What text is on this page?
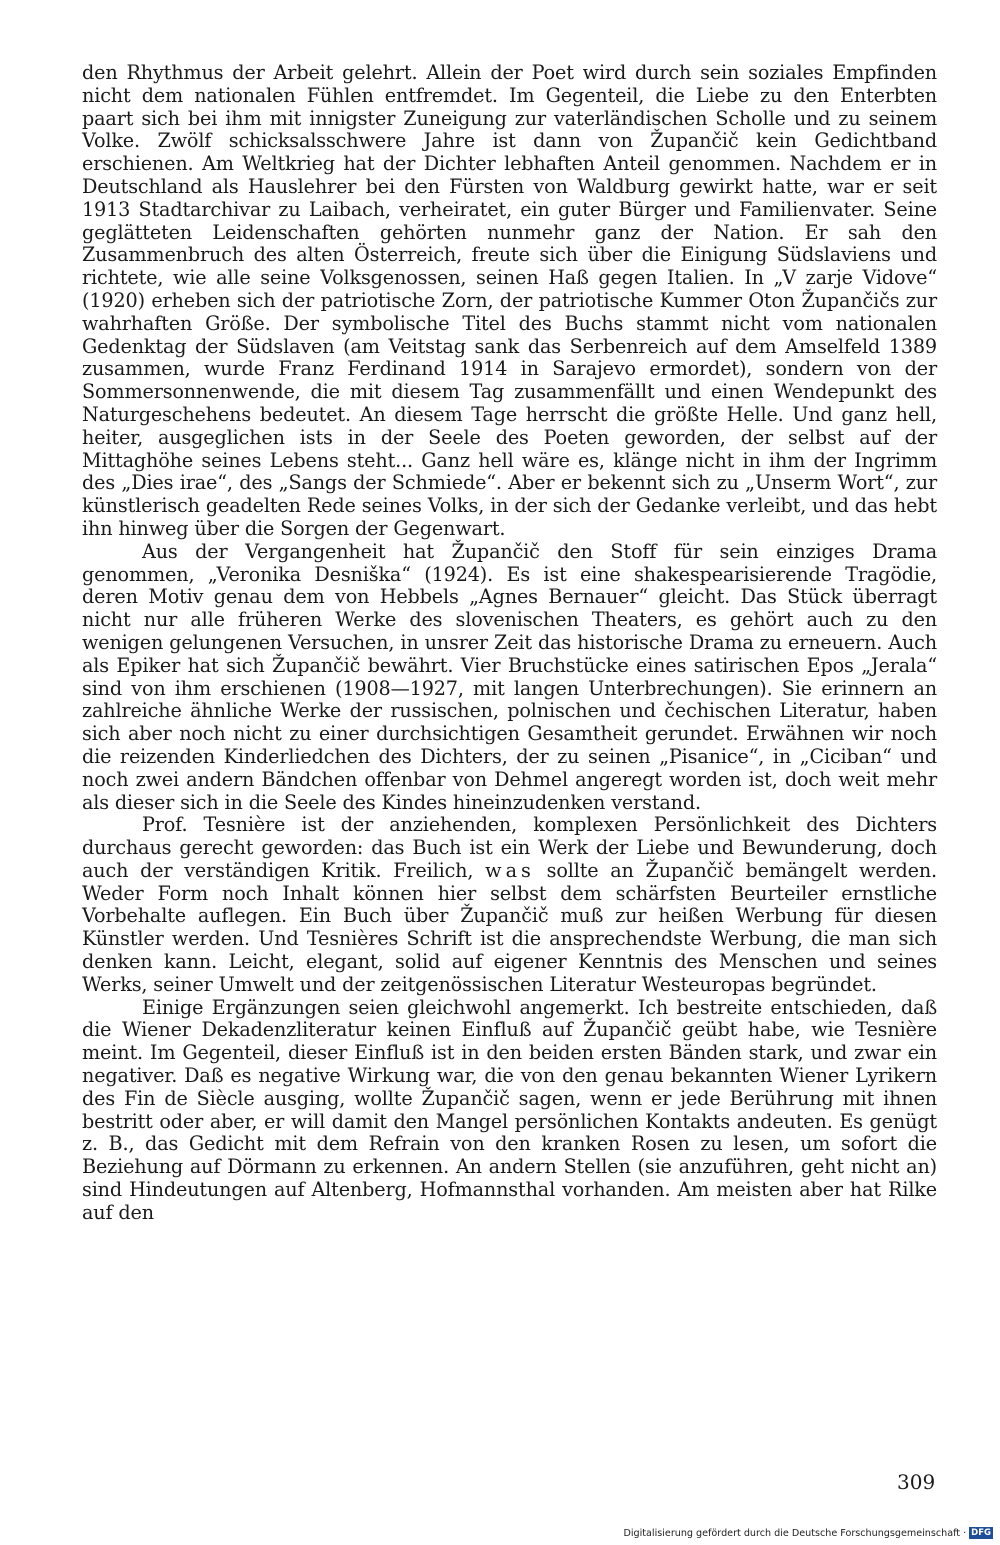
den Rhythmus der Arbeit gelehrt. Allein der Poet wird durch sein soziales Empfinden nicht dem nationalen Fühlen entfremdet. Im Gegenteil, die Liebe zu den Enterbten paart sich bei ihm mit innigster Zuneigung zur vaterländischen Scholle und zu seinem Volke. Zwölf schicksalsschwere Jahre ist dann von Župančič kein Gedichtband erschienen. Am Weltkrieg hat der Dichter lebhaften Anteil genommen. Nachdem er in Deutschland als Hauslehrer bei den Fürsten von Waldburg gewirkt hatte, war er seit 1913 Stadtarchivar zu Laibach, verheiratet, ein guter Bürger und Familienvater. Seine geglätteten Leidenschaften gehörten nunmehr ganz der Nation. Er sah den Zusammenbruch des alten Österreich, freute sich über die Einigung Südslaviens und richtete, wie alle seine Volksgenossen, seinen Haß gegen Italien. In „V zarje Vidove“ (1920) erheben sich der patriotische Zorn, der patriotische Kummer Oton Župančičs zur wahrhaften Größe. Der symbolische Titel des Buchs stammt nicht vom nationalen Gedenktag der Südslaven (am Veitstag sank das Serbenreich auf dem Amselfeld 1389 zusammen, wurde Franz Ferdinand 1914 in Sarajevo ermordet), sondern von der Sommersonnenwende, die mit diesem Tag zusammenfällt und einen Wendepunkt des Naturgeschehens bedeutet. An diesem Tage herrscht die größte Helle. Und ganz hell, heiter, ausgeglichen ists in der Seele des Poeten geworden, der selbst auf der Mittaghöhe seines Lebens steht... Ganz hell wäre es, klänge nicht in ihm der Ingrimm des „Dies irae“, des „Sangs der Schmiede“. Aber er bekennt sich zu „Unserm Wort“, zur künstlerisch geadelten Rede seines Volks, in der sich der Gedanke verleibt, und das hebt ihn hinweg über die Sorgen der Gegenwart.

Aus der Vergangenheit hat Župančič den Stoff für sein einziges Drama genommen, „Veronika Desniška“ (1924). Es ist eine shakespearisierende Tragödie, deren Motiv genau dem von Hebbels „Agnes Bernauer“ gleicht. Das Stück überragt nicht nur alle früheren Werke des slovenischen Theaters, es gehört auch zu den wenigen gelungenen Versuchen, in unsrer Zeit das historische Drama zu erneuern. Auch als Epiker hat sich Župančič bewährt. Vier Bruchstücke eines satirischen Epos „Jerala“ sind von ihm erschienen (1908—1927, mit langen Unterbrechungen). Sie erinnern an zahlreiche ähnliche Werke der russischen, polnischen und čechischen Literatur, haben sich aber noch nicht zu einer durchsichtigen Gesamtheit gerundet. Erwähnen wir noch die reizenden Kinderliedchen des Dichters, der zu seinen „Pisanice“, in „Ciciban“ und noch zwei andern Bändchen offenbar von Dehmel angeregt worden ist, doch weit mehr als dieser sich in die Seele des Kindes hineinzudenken verstand.

Prof. Tesnière ist der anziehenden, komplexen Persönlichkeit des Dichters durchaus gerecht geworden: das Buch ist ein Werk der Liebe und Bewunderung, doch auch der verständigen Kritik. Freilich, was sollte an Župančič bemängelt werden. Weder Form noch Inhalt können hier selbst dem schärfsten Beurteiler ernstliche Vorbehalte auflegen. Ein Buch über Župančič muß zur heißen Werbung für diesen Künstler werden. Und Tesnières Schrift ist die ansprechendste Werbung, die man sich denken kann. Leicht, elegant, solid auf eigener Kenntnis des Menschen und seines Werks, seiner Umwelt und der zeitgenössischen Literatur Westeuropas begründet.

Einige Ergänzungen seien gleichwohl angemerkt. Ich bestreite entschieden, daß die Wiener Dekadenzliteratur keinen Einfluß auf Župančič geübt habe, wie Tesnière meint. Im Gegenteil, dieser Einfluß ist in den beiden ersten Bänden stark, und zwar ein negativer. Daß es negative Wirkung war, die von den genau bekannten Wiener Lyrikern des Fin de Siècle ausging, wollte Župančič sagen, wenn er jede Berührung mit ihnen bestritt oder aber, er will damit den Mangel persönlichen Kontakts andeuten. Es genügt z. B., das Gedicht mit dem Refrain von den kranken Rosen zu lesen, um sofort die Beziehung auf Dörmann zu erkennen. An andern Stellen (sie anzuführen, geht nicht an) sind Hindeutungen auf Altenberg, Hofmannsthal vorhanden. Am meisten aber hat Rilke auf den

309
Digitalisierung gefördert durch die Deutsche Forschungsgemeinschaft · DFG
